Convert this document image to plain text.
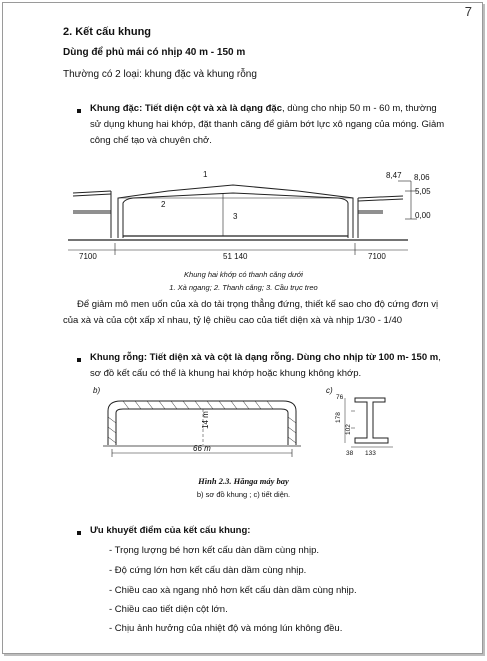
7
2. Kết cấu khung
Dùng để phủ mái có nhịp 40 m - 150 m
Thường có 2 loại: khung đặc và khung rỗng
Khung đặc: Tiết diện cột và xà là dạng đặc, dùng cho nhịp 50 m - 60 m, thường
sử dụng khung hai khớp, đặt thanh căng để giảm bớt lực xô ngang của móng. Giảm
công chế tạo và chuyên chở.
1
2
3
8,47 8,06
5,05
0,00
7100	51 140	7100
Khung hai khớp có thanh căng dưới
1. Xà ngang; 2. Thanh căng; 3. Cầu trục treo
Để giảm mô men uốn của xà do tải trọng thẳng đứng, thiết kế sao cho độ cứng đơn vị
của xà và của cột xấp xỉ nhau, tỷ lệ chiều cao của tiết diện xà và nhịp 1/30 - 1/40
Khung rỗng: Tiết diện xà và cột là dạng rỗng. Dùng cho nhịp từ 100 m- 150 m,
sơ đồ kết cấu có thể là khung hai khớp hoặc khung không khớp.
b)	c)
14 m
66 m
76
178
102
38 133
Hình 2.3. Hănga máy bay
b) sơ đồ khung ; c) tiết diện.
Ưu khuyết điểm của kết cấu khung:
- Trọng lượng bé hơn kết cấu dàn dầm cùng nhịp.
- Độ cứng lớn hơn kết cấu dàn dầm cùng nhịp.
- Chiều cao xà ngang nhỏ hơn kết cấu dàn dầm cùng nhịp.
- Chiều cao tiết diện cột lớn.
- Chịu ảnh hưởng của nhiệt độ và móng lún không đều.
